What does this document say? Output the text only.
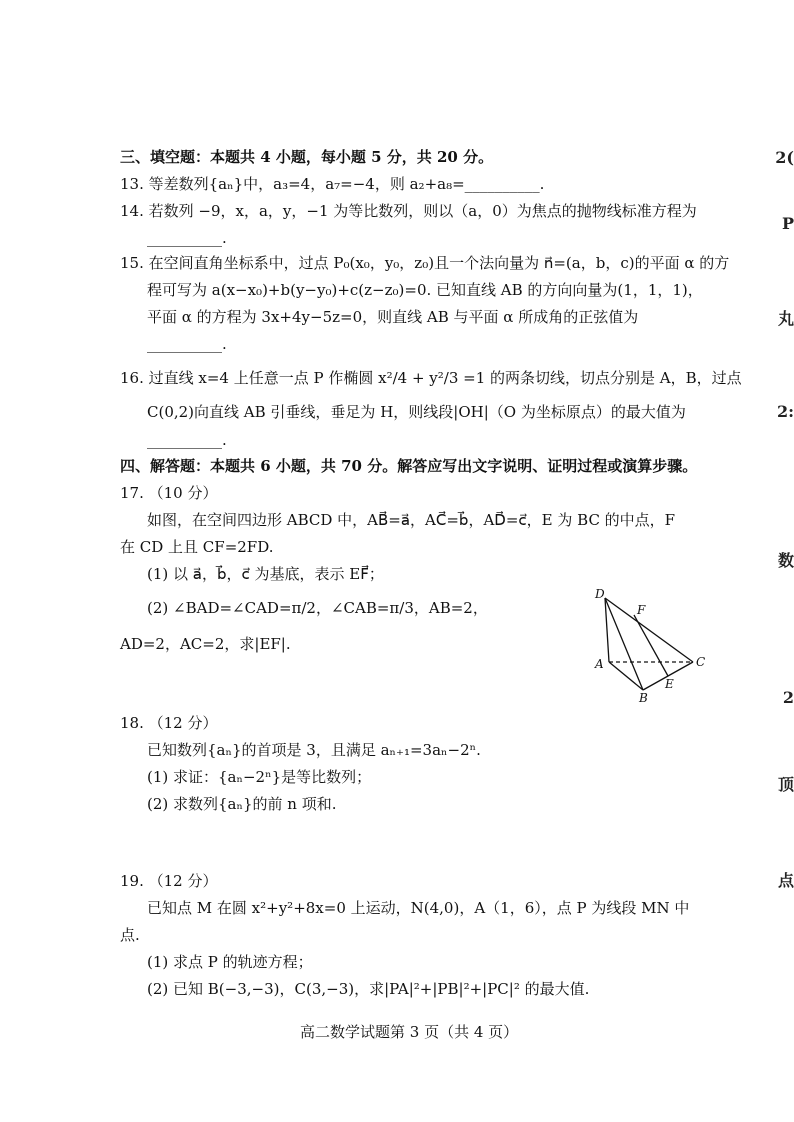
三、填空题：本题共 4 小题，每小题 5 分，共 20 分。
13. 等差数列{aₙ}中，a₃=4，a₇=−4，则 a₂+a₈=__________.
14. 若数列 −9，x，a，y，−1 为等比数列，则以（a，0）为焦点的抛物线标准方程为
__________.
15. 在空间直角坐标系中，过点 P₀(x₀，y₀，z₀)且一个法向量为 n⃗=(a，b，c)的平面 α 的方
程可写为 a(x−x₀)+b(y−y₀)+c(z−z₀)=0. 已知直线 AB 的方向向量为(1，1，1)，
平面 α 的方程为 3x+4y−5z=0，则直线 AB 与平面 α 所成角的正弦值为
__________.
16. 过直线 x=4 上任意一点 P 作椭圆 x²/4 + y²/3 =1 的两条切线，切点分别是 A，B，过点
C(0,2)向直线 AB 引垂线，垂足为 H，则线段|OH|（O 为坐标原点）的最大值为
__________.
四、解答题：本题共 6 小题，共 70 分。解答应写出文字说明、证明过程或演算步骤。
17. （10 分）
如图，在空间四边形 ABCD 中，AB⃗=a⃗，AC⃗=b⃗，AD⃗=c⃗，E 为 BC 的中点，F
在 CD 上且 CF=2FD.
(1) 以 a⃗，b⃗，c⃗ 为基底，表示 EF⃗；
(2) ∠BAD=∠CAD=π/2，∠CAB=π/3，AB=2，
AD=2，AC=2，求|EF|.
D
F
A	C
E
B
18. （12 分）
已知数列{aₙ}的首项是 3，且满足 aₙ₊₁=3aₙ−2ⁿ.
(1) 求证：{aₙ−2ⁿ}是等比数列；
(2) 求数列{aₙ}的前 n 项和.
19. （12 分）
已知点 M 在圆 x²+y²+8x=0 上运动，N(4,0)，A（1，6），点 P 为线段 MN 中
点.
(1) 求点 P 的轨迹方程；
(2) 已知 B(−3,−3)，C(3,−3)，求|PA|²+|PB|²+|PC|² 的最大值.
高二数学试题第 3 页（共 4 页）
2(
P
丸
2:
数
2
顶
点
